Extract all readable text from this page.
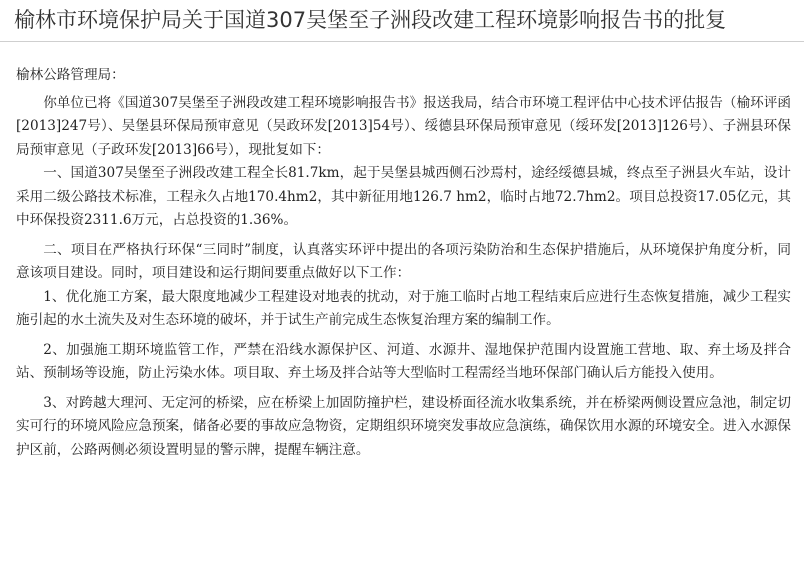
榆林市环境保护局关于国道307吴堡至子洲段改建工程环境影响报告书的批复

榆林公路管理局：

你单位已将《国道307吴堡至子洲段改建工程环境影响报告书》报送我局，结合市环境工程评估中心技术评估报告（榆环评函[2013]247号）、吴堡县环保局预审意见（吴政环发[2013]54号）、绥德县环保局预审意见（绥环发[2013]126号）、子洲县环保局预审意见（子政环发[2013]66号），现批复如下：

一、国道307吴堡至子洲段改建工程全长81.7km，起于吴堡县城西侧石沙焉村，途经绥德县城，终点至子洲县火车站，设计采用二级公路技术标准，工程永久占地170.4hm2，其中新征用地126.7 hm2，临时占地72.7hm2。项目总投资17.05亿元，其中环保投资2311.6万元，占总投资的1.36%。

二、项目在严格执行环保“三同时”制度，认真落实环评中提出的各项污染防治和生态保护措施后，从环境保护角度分析，同意该项目建设。同时，项目建设和运行期间要重点做好以下工作：

1、优化施工方案，最大限度地减少工程建设对地表的扰动，对于施工临时占地工程结束后应进行生态恢复措施，减少工程实施引起的水土流失及对生态环境的破坏，并于试生产前完成生态恢复治理方案的编制工作。

2、加强施工期环境监管工作，严禁在沿线水源保护区、河道、水源井、湿地保护范围内设置施工营地、取、弃土场及拌合站、预制场等设施，防止污染水体。项目取、弃土场及拌合站等大型临时工程需经当地环保部门确认后方能投入使用。

3、对跨越大理河、无定河的桥梁，应在桥梁上加固防撞护栏，建设桥面径流水收集系统，并在桥梁两侧设置应急池，制定切实可行的环境风险应急预案，储备必要的事故应急物资，定期组织环境突发事故应急演练，确保饮用水源的环境安全。进入水源保护区前，公路两侧必须设置明显的警示牌，提醒车辆注意。
